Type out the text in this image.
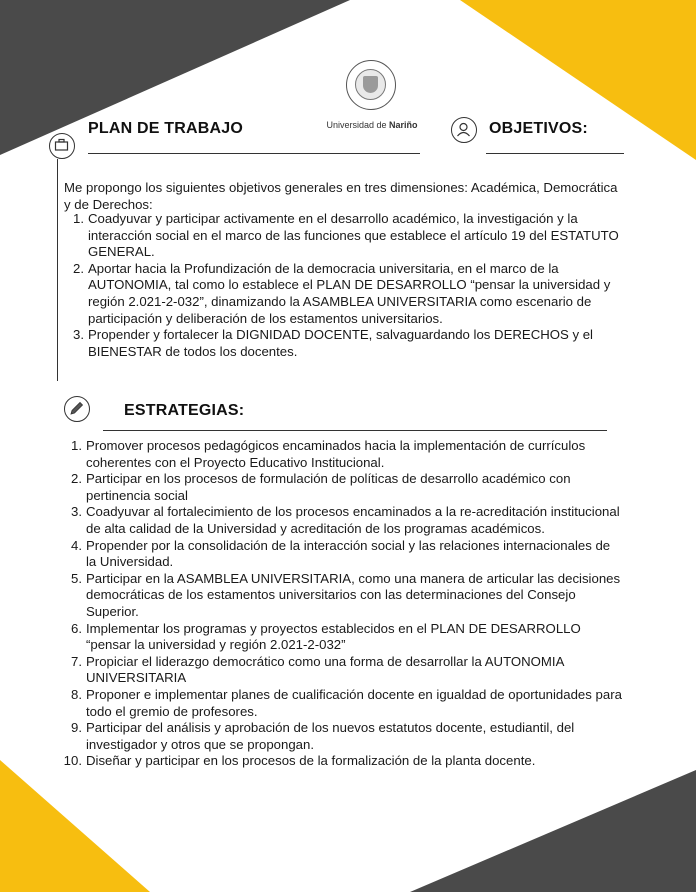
Universidad de Nariño
PLAN DE TRABAJO	OBJETIVOS:
Me propongo los siguientes objetivos generales en tres dimensiones: Académica, Democrática y de Derechos:
1. Coadyuvar y participar activamente en el desarrollo académico, la investigación y la interacción social en el marco de las funciones que establece el artículo 19 del ESTATUTO GENERAL.
2. Aportar hacia la Profundización de la democracia universitaria, en el marco de la AUTONOMIA, tal como lo establece el PLAN DE DESARROLLO “pensar la universidad y región 2.021-2-032”, dinamizando la ASAMBLEA UNIVERSITARIA como escenario de participación y deliberación de los estamentos universitarios.
3. Propender y fortalecer la DIGNIDAD DOCENTE, salvaguardando los DERECHOS y el BIENESTAR de todos los docentes.
ESTRATEGIAS:
1. Promover procesos pedagógicos encaminados hacia la implementación de currículos coherentes con el Proyecto Educativo Institucional.
2. Participar en los procesos de formulación de políticas de desarrollo académico con pertinencia social
3. Coadyuvar al fortalecimiento de los procesos encaminados a la re-acreditación institucional de alta calidad de la Universidad y acreditación de los programas académicos.
4. Propender por la consolidación de la interacción social y las relaciones internacionales de la Universidad.
5. Participar en la ASAMBLEA UNIVERSITARIA, como una manera de articular las decisiones democráticas de los estamentos universitarios con las determinaciones del Consejo Superior.
6. Implementar los programas y proyectos establecidos en el PLAN DE DESARROLLO “pensar la universidad y región 2.021-2-032”
7. Propiciar el liderazgo democrático como una forma de desarrollar la AUTONOMIA UNIVERSITARIA
8. Proponer e implementar planes de cualificación docente en igualdad de oportunidades para todo el gremio de profesores.
9. Participar del análisis y aprobación de los nuevos estatutos docente, estudiantil, del investigador y otros que se propongan.
10. Diseñar y participar en los procesos de la formalización de la planta docente.
